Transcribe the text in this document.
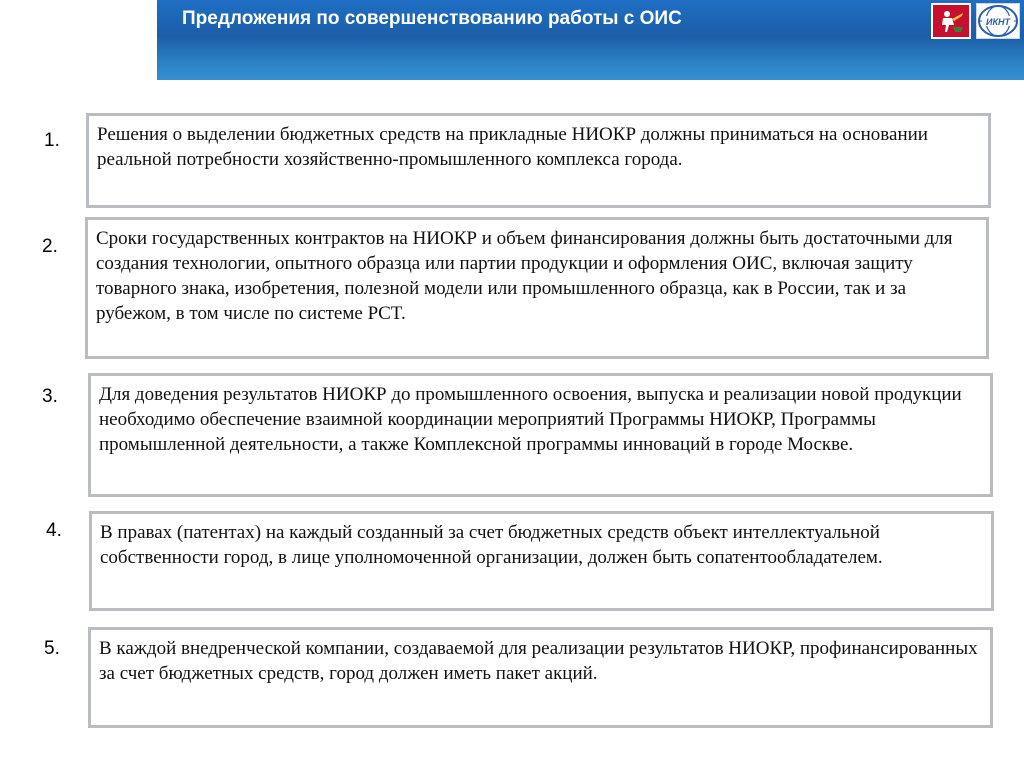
Предложения по совершенствованию работы с ОИС	ИКНТ
1. Решения о выделении бюджетных средств на прикладные НИОКР должны приниматься на основании реальной потребности хозяйственно-промышленного комплекса города.
2. Сроки государственных контрактов на НИОКР и объем финансирования должны быть достаточными для создания технологии, опытного образца или партии продукции и оформления ОИС, включая защиту товарного знака, изобретения, полезной модели или промышленного образца, как в России, так и за рубежом, в том числе по системе PCT.
3. Для доведения результатов НИОКР до промышленного освоения, выпуска и реализации новой продукции необходимо обеспечение взаимной координации мероприятий Программы НИОКР, Программы промышленной деятельности, а также Комплексной программы инноваций в городе Москве.
4. В правах (патентах) на каждый созданный за счет бюджетных средств объект интеллектуальной собственности город, в лице уполномоченной организации, должен быть сопатентообладателем.
5. В каждой внедренческой компании, создаваемой для реализации результатов НИОКР, профинансированных за счет бюджетных средств, город должен иметь пакет акций.
